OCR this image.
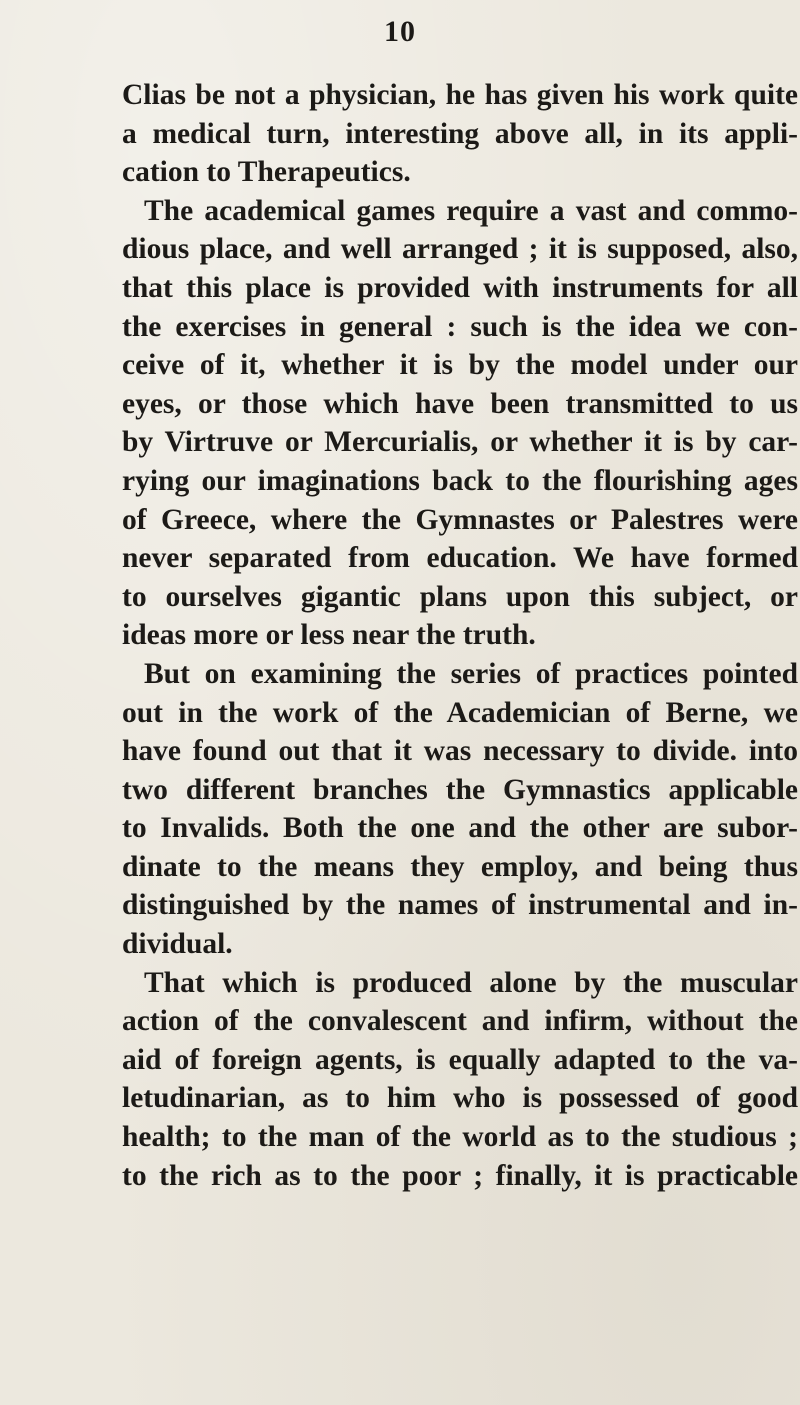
10
Clias be not a physician, he has given his work quite
a medical turn, interesting above all, in its appli-
cation to Therapeutics.
The academical games require a vast and commo-
dious place, and well arranged ; it is supposed, also,
that this place is provided with instruments for all
the exercises in general : such is the idea we con-
ceive of it, whether it is by the model under our
eyes, or those which have been transmitted to us
by Virtruve or Mercurialis, or whether it is by car-
rying our imaginations back to the flourishing ages
of Greece, where the Gymnastes or Palestres were
never separated from education. We have formed
to ourselves gigantic plans upon this subject, or
ideas more or less near the truth.
But on examining the series of practices pointed
out in the work of the Academician of Berne, we
have found out that it was necessary to divide. into
two different branches the Gymnastics applicable
to Invalids. Both the one and the other are subor-
dinate to the means they employ, and being thus
distinguished by the names of instrumental and in-
dividual.
That which is produced alone by the muscular
action of the convalescent and infirm, without the
aid of foreign agents, is equally adapted to the va-
letudinarian, as to him who is possessed of good
health; to the man of the world as to the studious ;
to the rich as to the poor ; finally, it is practicable
